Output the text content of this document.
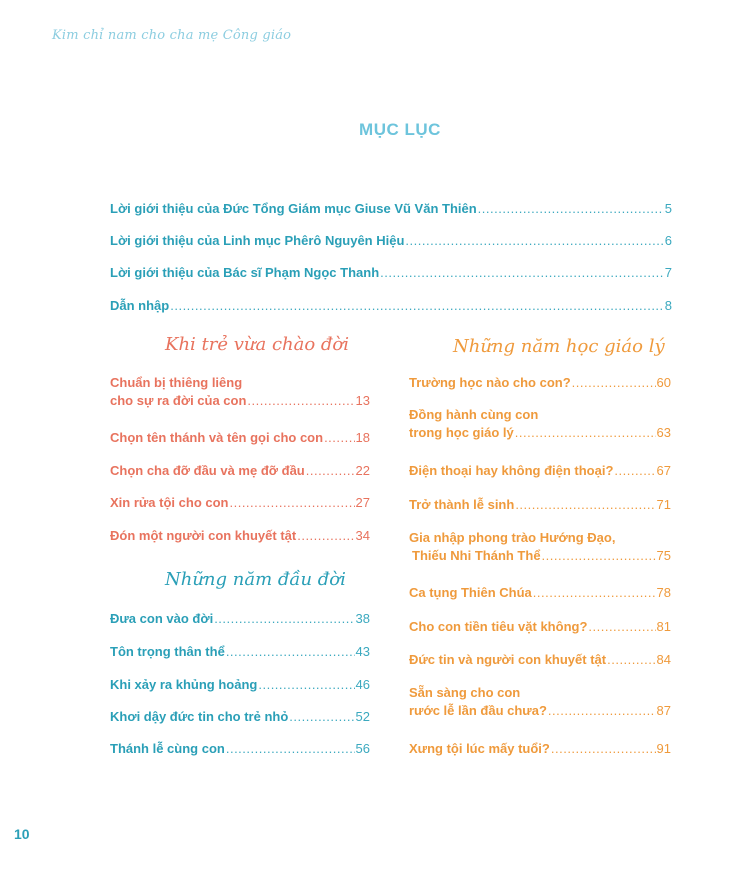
Kim chỉ nam cho cha mẹ Công giáo
MỤC LỤC
Lời giới thiệu của Đức Tổng Giám mục Giuse Vũ Văn Thiên .....	5
Lời giới thiệu của Linh mục Phêrô Nguyên Hiệu .....	6
Lời giới thiệu của Bác sĩ Phạm Ngọc Thanh .....	7
Dẫn nhập .....	8
Khi trẻ vừa chào đời	Những năm học giáo lý
Những năm đầu đời
Chuẩn bị thiêng liêng
cho sự ra đời của con .....	13
Chọn tên thánh và tên gọi cho con ..... 18
Chọn cha đỡ đầu và mẹ đỡ đầu .....	22
Xin rửa tội cho con .....	27
Đón một người con khuyết tật .....	34
Đưa con vào đời .....	38
Tôn trọng thân thể .....	43
Khi xảy ra khủng hoảng .....	46
Khơi dậy đức tin cho trẻ nhỏ .....	52
Thánh lễ cùng con .....	56
Trường học nào cho con? .....	60
Đồng hành cùng con
trong học giáo lý .....	63
Điện thoại hay không điện thoại? .....	67
Trở thành lễ sinh .....	71
Gia nhập phong trào Hướng Đạo,
Thiếu Nhi Thánh Thể .....	75
Ca tụng Thiên Chúa .....	78
Cho con tiền tiêu vặt không? .....	81
Đức tin và người con khuyết tật .....	84
Sẵn sàng cho con
rước lễ lần đầu chưa? .....	87
Xưng tội lúc mấy tuổi? .....	91
10
